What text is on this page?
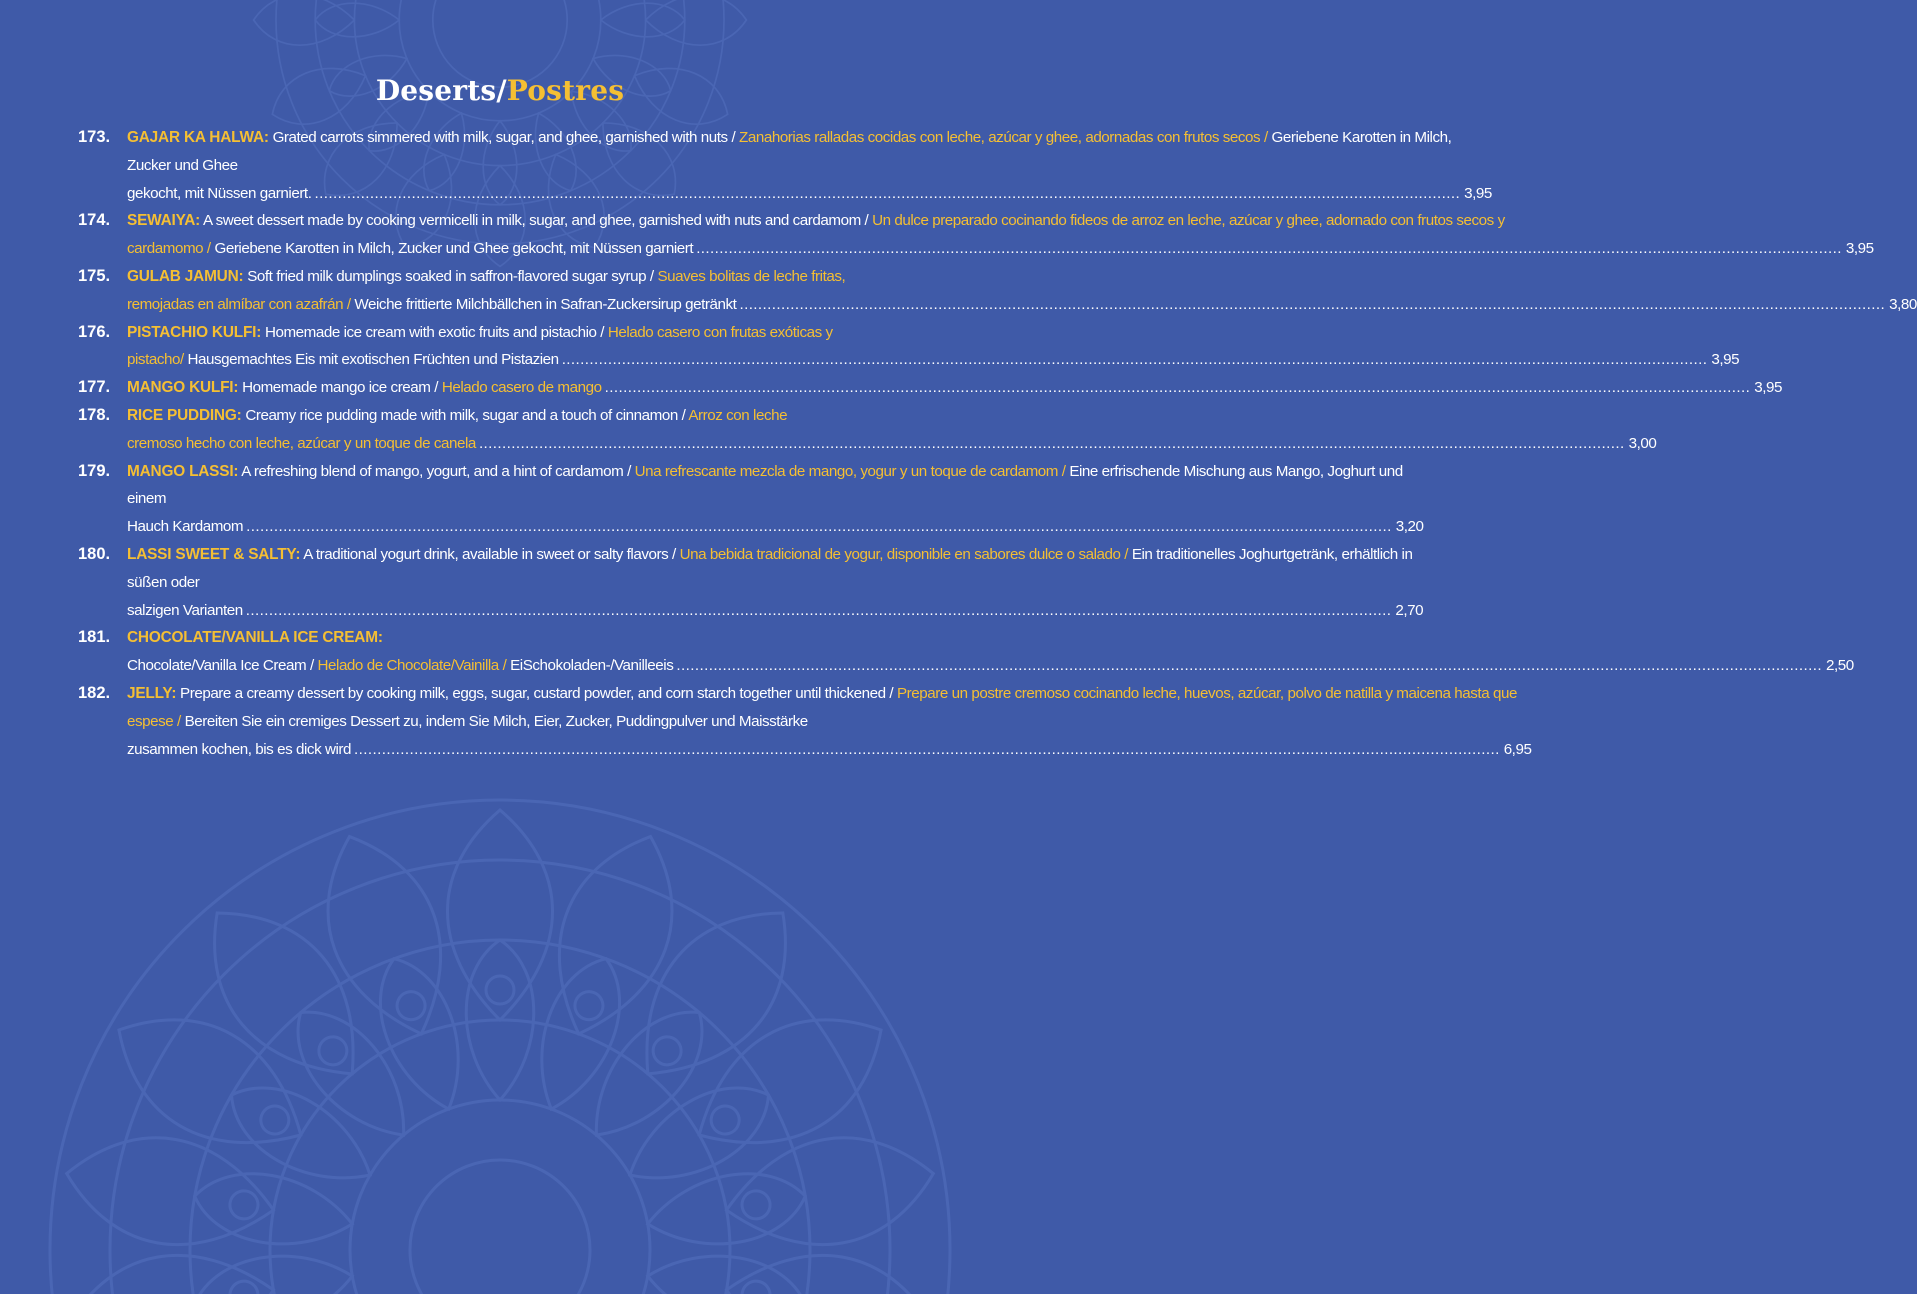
Deserts/Postres
173.	GAJAR KA HALWA: Grated carrots simmered with milk, sugar, and ghee, garnished with nuts / Zanahorias ralladas cocidas con leche, azúcar y ghee, adornadas con frutos secos / Geriebene Karotten in Milch, Zucker und Ghee
gekocht, mit Nüssen garniert. .....	3,95
174.	SEWAIYA: A sweet dessert made by cooking vermicelli in milk, sugar, and ghee, garnished with nuts and cardamom / Un dulce preparado cocinando fideos de arroz en leche, azúcar y ghee, adornado con frutos secos y
cardamomo / Geriebene Karotten in Milch, Zucker und Ghee gekocht, mit Nüssen garniert .....	3,95
175.	GULAB JAMUN: Soft fried milk dumplings soaked in saffron-flavored sugar syrup / Suaves bolitas de leche fritas,
remojadas en almíbar con azafrán / Weiche frittierte Milchbällchen in Safran-Zuckersirup getränkt .....	3,80
176.	PISTACHIO KULFI: Homemade ice cream with exotic fruits and pistachio / Helado casero con frutas exóticas y
pistacho/ Hausgemachtes Eis mit exotischen Früchten und Pistazien .....	3,95
177.	MANGO KULFI: Homemade mango ice cream / Helado casero de mango .....	3,95
178.	RICE PUDDING: Creamy rice pudding made with milk, sugar and a touch of cinnamon / Arroz con leche
cremoso hecho con leche, azúcar y un toque de canela .....	3,00
179.	MANGO LASSI: A refreshing blend of mango, yogurt, and a hint of cardamom / Una refrescante mezcla de mango, yogur y un toque de cardamom / Eine erfrischende Mischung aus Mango, Joghurt und einem
Hauch Kardamom .....	3,20
180.	LASSI SWEET & SALTY: A traditional yogurt drink, available in sweet or salty flavors / Una bebida tradicional de yogur, disponible en sabores dulce o salado / Ein traditionelles Joghurtgetränk, erhältlich in süßen oder
salzigen Varianten .....	2,70
181.	CHOCOLATE/VANILLA ICE CREAM:
Chocolate/Vanilla Ice Cream / Helado de Chocolate/Vainilla / EiSchokoladen-/Vanilleeis .....	2,50
182.	JELLY: Prepare a creamy dessert by cooking milk, eggs, sugar, custard powder, and corn starch together until thickened / Prepare un postre cremoso cocinando leche, huevos, azúcar, polvo de natilla y maicena hasta que espese / Bereiten Sie ein cremiges Dessert zu, indem Sie Milch, Eier, Zucker, Puddingpulver und Maisstärke
zusammen kochen, bis es dick wird .....	6,95
